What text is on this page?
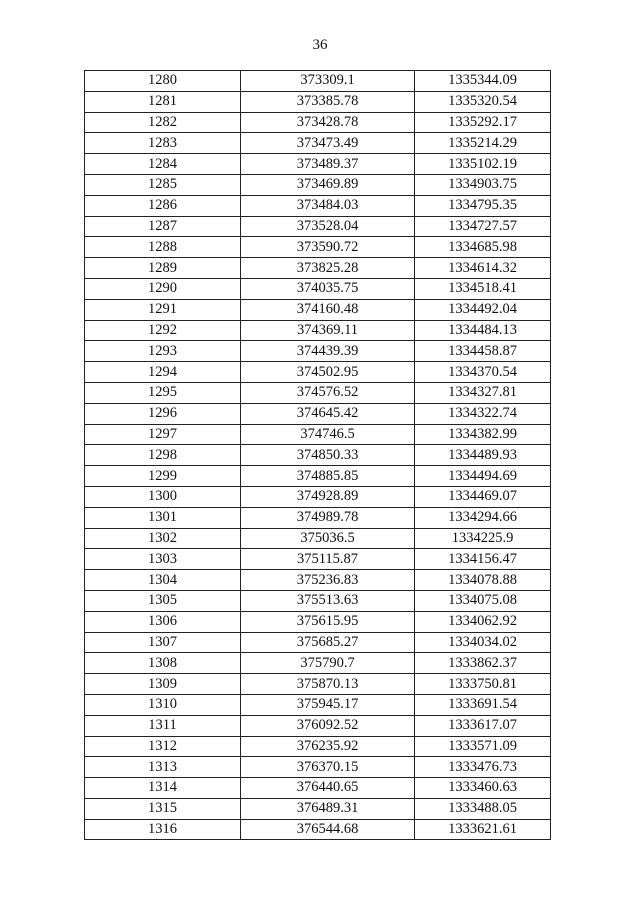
36
1280	373309.1	1335344.09
1281	373385.78	1335320.54
1282	373428.78	1335292.17
1283	373473.49	1335214.29
1284	373489.37	1335102.19
1285	373469.89	1334903.75
1286	373484.03	1334795.35
1287	373528.04	1334727.57
1288	373590.72	1334685.98
1289	373825.28	1334614.32
1290	374035.75	1334518.41
1291	374160.48	1334492.04
1292	374369.11	1334484.13
1293	374439.39	1334458.87
1294	374502.95	1334370.54
1295	374576.52	1334327.81
1296	374645.42	1334322.74
1297	374746.5	1334382.99
1298	374850.33	1334489.93
1299	374885.85	1334494.69
1300	374928.89	1334469.07
1301	374989.78	1334294.66
1302	375036.5	1334225.9
1303	375115.87	1334156.47
1304	375236.83	1334078.88
1305	375513.63	1334075.08
1306	375615.95	1334062.92
1307	375685.27	1334034.02
1308	375790.7	1333862.37
1309	375870.13	1333750.81
1310	375945.17	1333691.54
1311	376092.52	1333617.07
1312	376235.92	1333571.09
1313	376370.15	1333476.73
1314	376440.65	1333460.63
1315	376489.31	1333488.05
1316	376544.68	1333621.61
